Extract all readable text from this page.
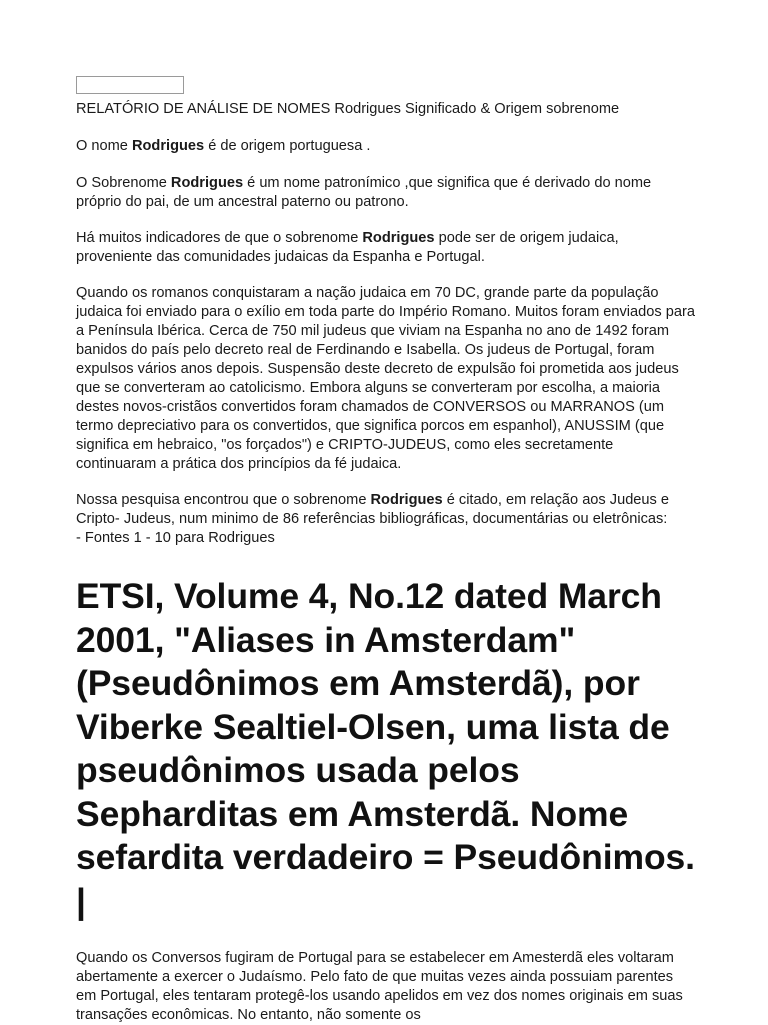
RELATÓRIO DE ANÁLISE DE NOMES Rodrigues Significado & Origem sobrenome

O nome Rodrigues é de origem portuguesa .

O Sobrenome Rodrigues é um nome patronímico ,que significa que é derivado do nome próprio do pai, de um ancestral paterno ou patrono.

Há muitos indicadores de que o sobrenome Rodrigues pode ser de origem judaica, proveniente das comunidades judaicas da Espanha e Portugal.

Quando os romanos conquistaram a nação judaica em 70 DC, grande parte da população judaica foi enviado para o exílio em toda parte do Império Romano. Muitos foram enviados para a Península Ibérica. Cerca de 750 mil judeus que viviam na Espanha no ano de 1492 foram banidos do país pelo decreto real de Ferdinando e Isabella. Os judeus de Portugal, foram expulsos vários anos depois. Suspensão deste decreto de expulsão foi prometida aos judeus que se converteram ao catolicismo. Embora alguns se converteram por escolha, a maioria destes novos-cristãos convertidos foram chamados de CONVERSOS ou MARRANOS (um termo depreciativo para os convertidos, que significa porcos em espanhol), ANUSSIM (que significa em hebraico, "os forçados") e CRIPTO-JUDEUS, como eles secretamente continuaram a prática dos princípios da fé judaica.

Nossa pesquisa encontrou que o sobrenome Rodrigues é citado, em relação aos Judeus e Cripto- Judeus, num minimo de 86 referências bibliográficas, documentárias ou eletrônicas:
- Fontes 1 - 10 para Rodrigues

ETSI, Volume 4, No.12 dated March 2001, "Aliases in Amsterdam" (Pseudônimos em Amsterdã), por Viberke Sealtiel-Olsen, uma lista de pseudônimos usada pelos Sepharditas em Amsterdã. Nome sefardita verdadeiro = Pseudônimos. |

Quando os Conversos fugiram de Portugal para se estabelecer em Amesterdã eles voltaram abertamente a exercer o Judaísmo. Pelo fato de que muitas vezes ainda possuiam parentes em Portugal, eles tentaram protegê-los usando apelidos em vez dos nomes originais em suas transações econômicas. No entanto, não somente os
